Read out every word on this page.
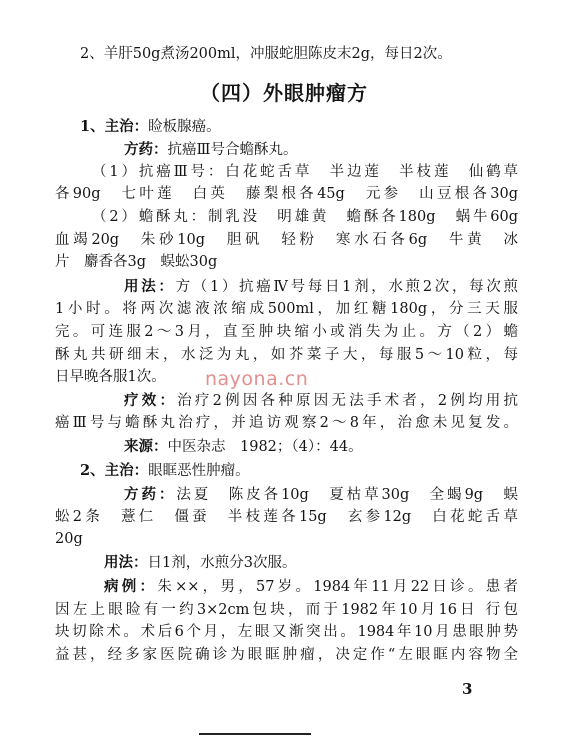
2、羊肝50g煮汤200ml，冲服蛇胆陈皮末2g，每日2次。
（四）外眼肿瘤方
1、主治：睑板腺癌。
方药：抗癌Ⅲ号合蟾酥丸。
（1）抗癌Ⅲ号：白花蛇舌草　半边莲　半枝莲　仙鹤草
各90g　七叶莲　白英　藤梨根各45g　元参　山豆根各30g
（2）蟾酥丸：制乳没　明雄黄　蟾酥各180g　蜗牛60g
血竭20g　朱砂10g　胆矾　轻粉　寒水石各6g　牛黄　冰
片　麝香各3g　蜈蚣30g
用法：方（1）抗癌Ⅳ号每日1剂，水煎2次，每次煎
1小时。将两次滤液浓缩成500ml，加红糖180g，分三天服
完。可连服2～3月，直至肿块缩小或消失为止。方（2）蟾
酥丸共研细末，水泛为丸，如芥菜子大，每服5～10粒，每
日早晚各服1次。
疗效：治疗2例因各种原因无法手术者，2例均用抗
癌Ⅲ号与蟾酥丸治疗，并追访观察2～8年，治愈未见复发。
来源：中医杂志　1982；（4）：44。
2、主治：眼眶恶性肿瘤。
方药：法夏　陈皮各10g　夏枯草30g　全蝎9g　蜈
蚣2条　薏仁　僵蚕　半枝莲各15g　玄参12g　白花蛇舌草
20g
用法：日1剂，水煎分3次服。
病例：朱××，男，57岁。1984年11月22日诊。患者
因左上眼睑有一约3×2cm包块，而于1982年10月16日 行包
块切除术。术后6个月，左眼又渐突出。1984年10月患眼肿势
益甚，经多家医院确诊为眼眶肿瘤，决定作“左眼眶内容物全
nayona.cn
3
